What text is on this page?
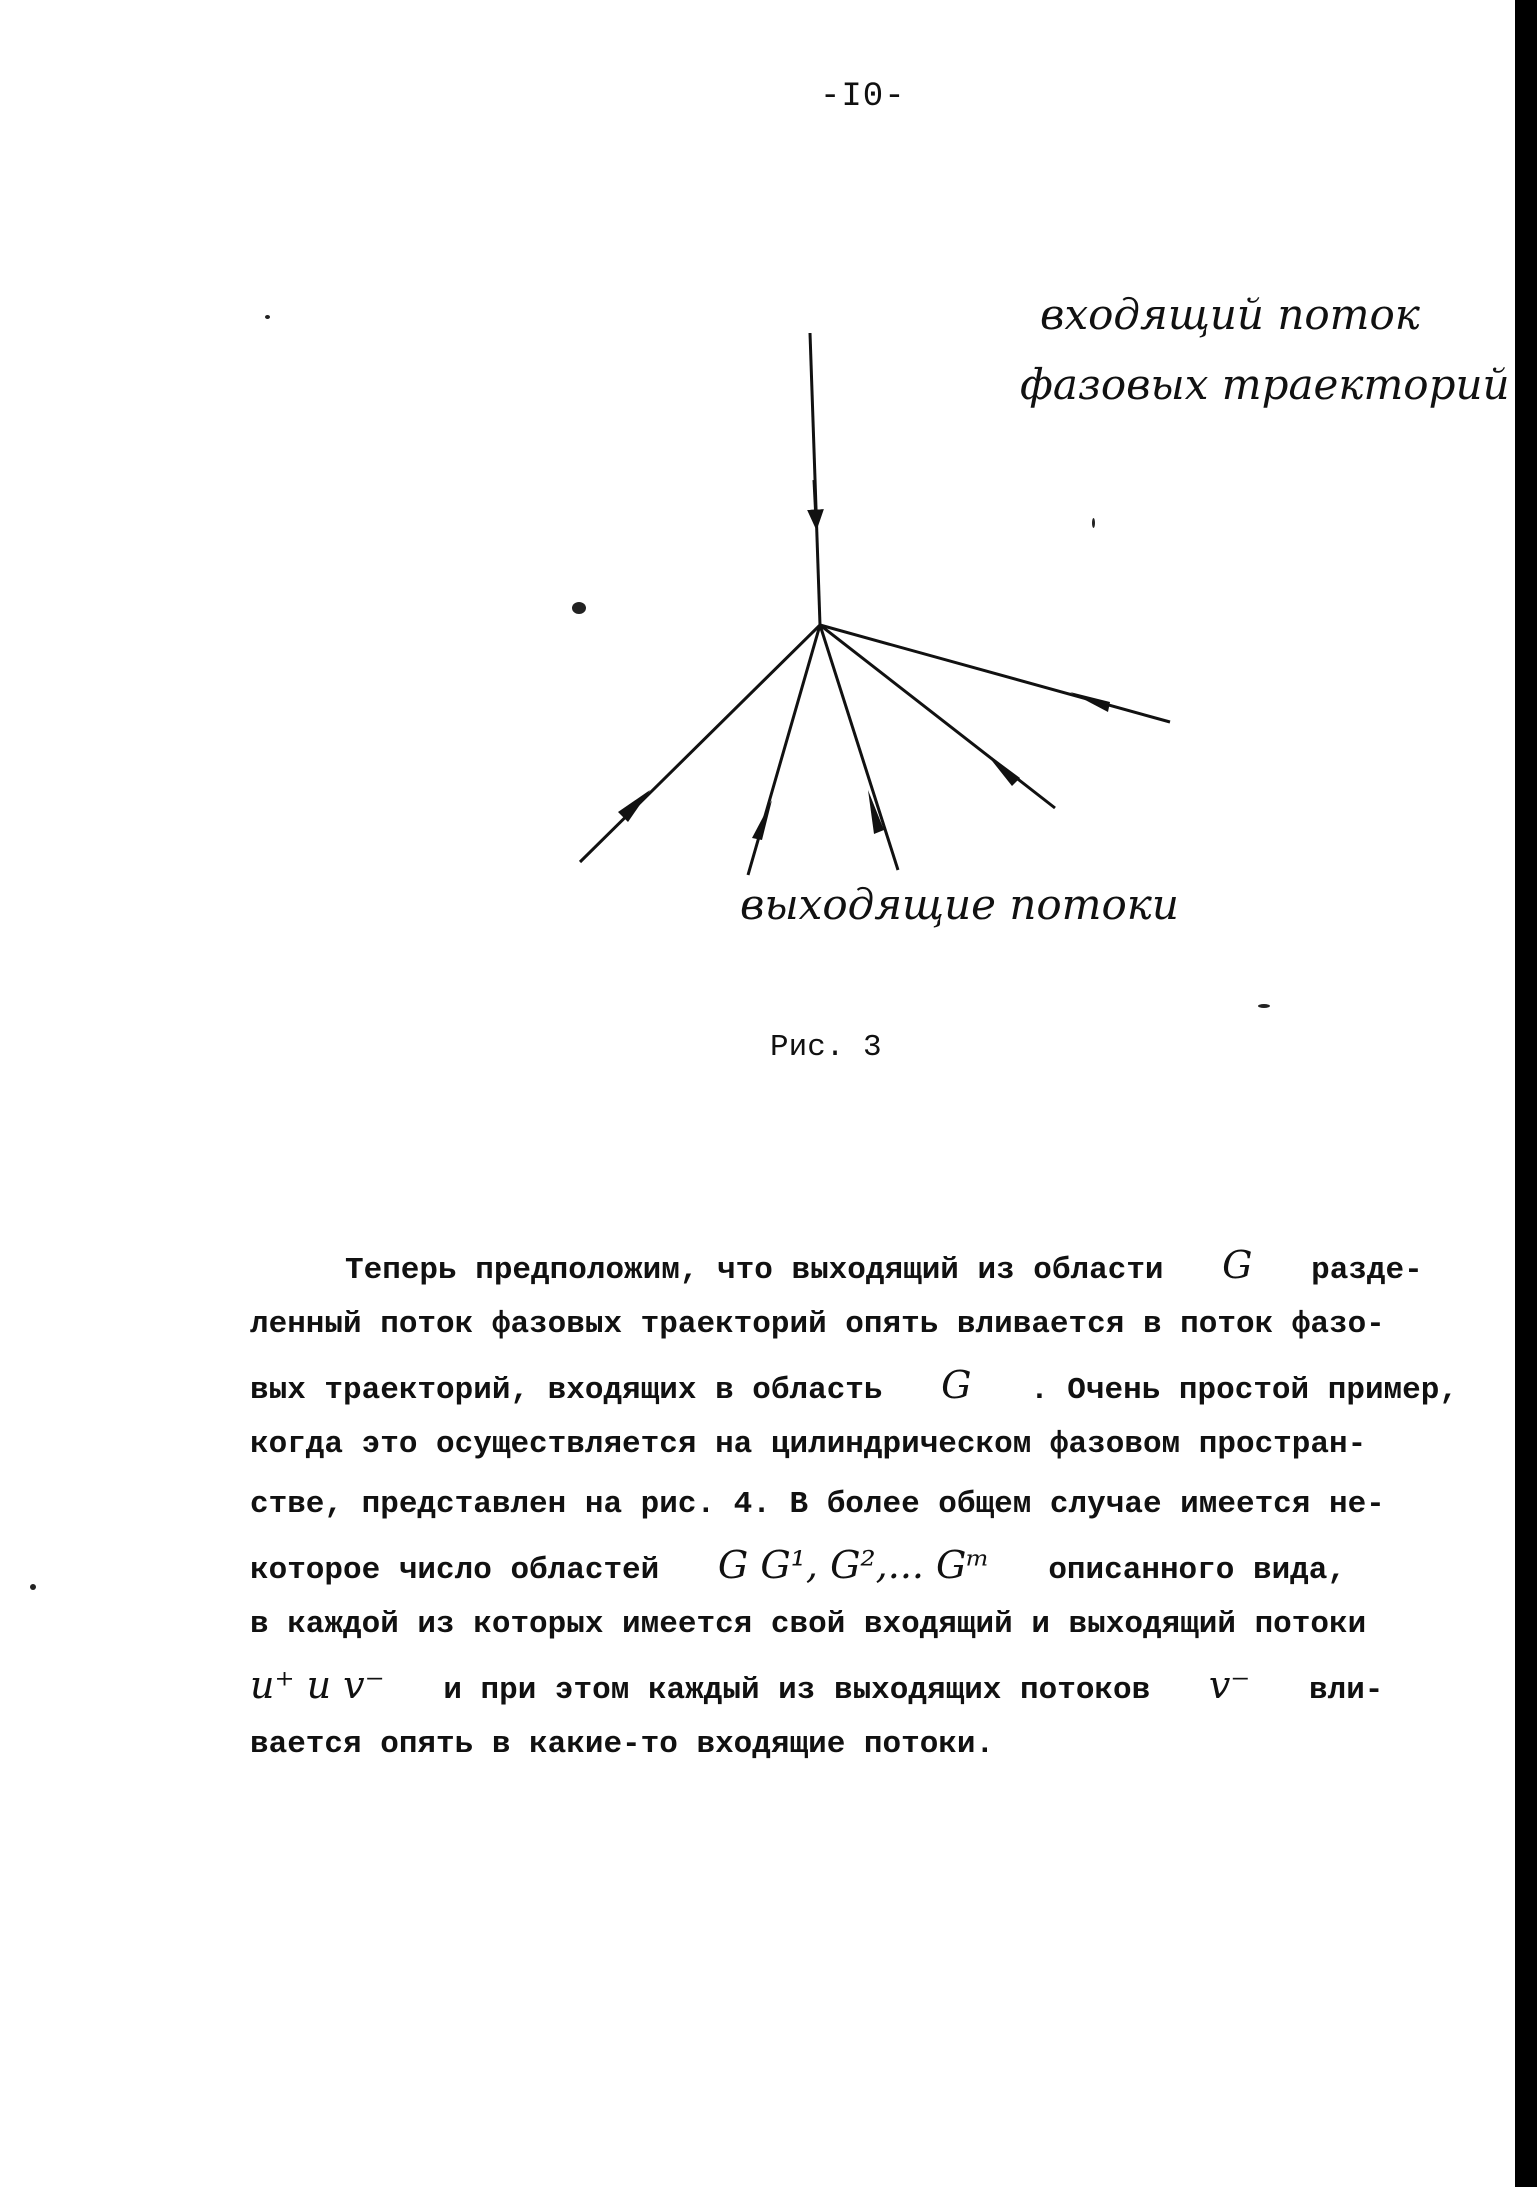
-I0-
входящий поток
фазовых траекторий
выходящие потоки
Рис. 3
Теперь предположим, что выходящий из области G разде-
ленный поток фазовых траекторий опять вливается в поток фазо-
вых траекторий, входящих в область G . Очень простой пример,
когда это осуществляется на цилиндрическом фазовом простран-
стве, представлен на рис. 4. В более общем случае имеется не-
которое число областей G G¹, G²,... Gᵐ описанного вида,
в каждой из которых имеется свой входящий и выходящий потоки
u⁺ и v⁻ и при этом каждый из выходящих потоков v⁻ вли-
вается опять в какие-то входящие потоки.
